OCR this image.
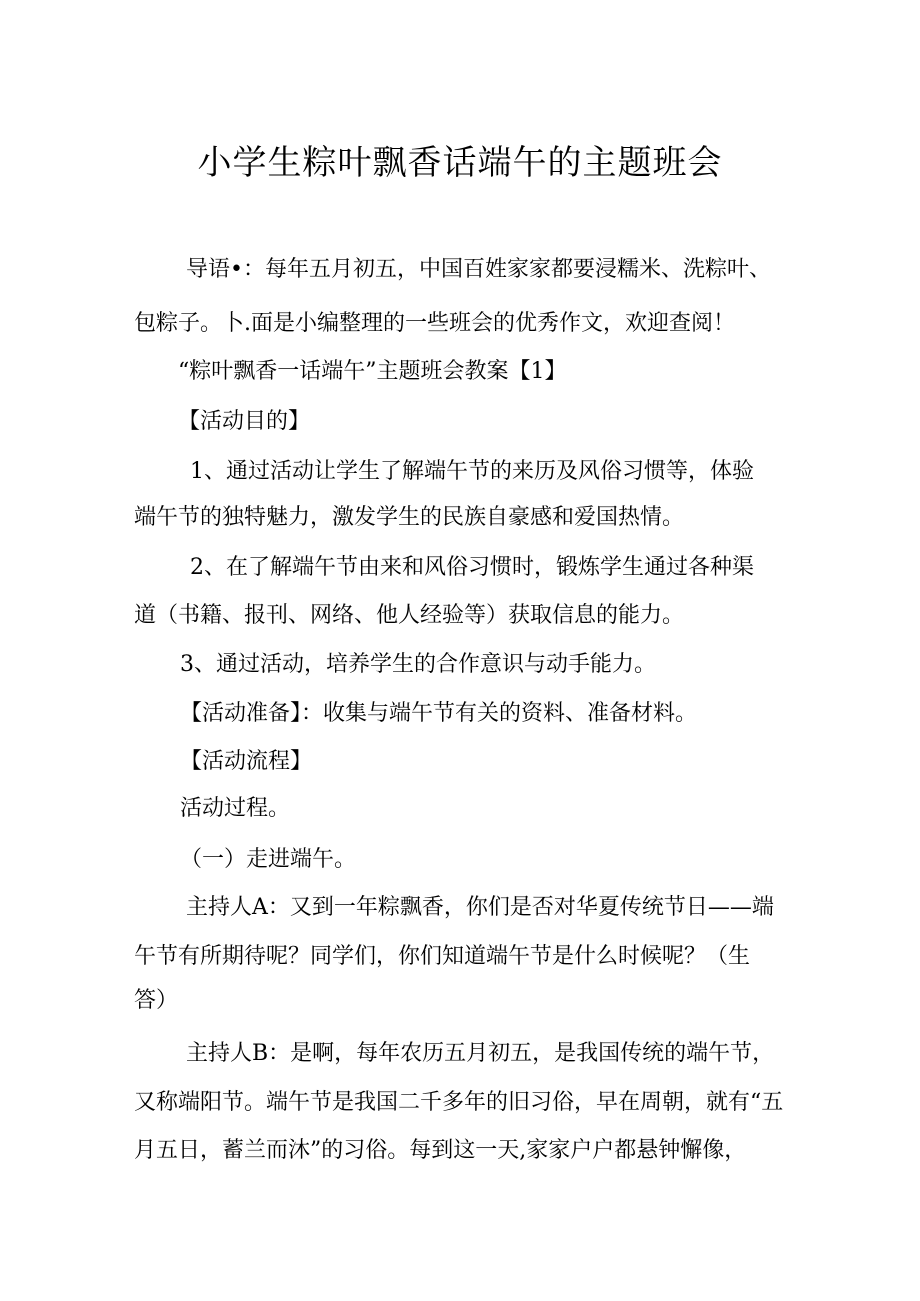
小学生粽叶飘香话端午的主题班会
导语•：每年五月初五，中国百姓家家都要浸糯米、洗粽叶、
包粽子。卜.面是小编整理的一些班会的优秀作文，欢迎查阅！
“粽叶飘香一话端午”主题班会教案【1】
【活动目的】
1、通过活动让学生了解端午节的来历及风俗习惯等，体验
端午节的独特魅力，激发学生的民族自豪感和爱国热情。
2、在了解端午节由来和风俗习惯时，锻炼学生通过各种渠
道（书籍、报刊、网络、他人经验等）获取信息的能力。
3、通过活动，培养学生的合作意识与动手能力。
【活动准备】：收集与端午节有关的资料、准备材料。
【活动流程】
活动过程。
（一）走进端午。
主持人A：又到一年粽飘香，你们是否对华夏传统节日——端
午节有所期待呢？同学们，你们知道端午节是什么时候呢？（生
答）
主持人B：是啊，每年农历五月初五，是我国传统的端午节，
又称端阳节。端午节是我国二千多年的旧习俗，早在周朝，就有“五
月五日，蓄兰而沐”的习俗。每到这一天,家家户户都悬钟懈像，
